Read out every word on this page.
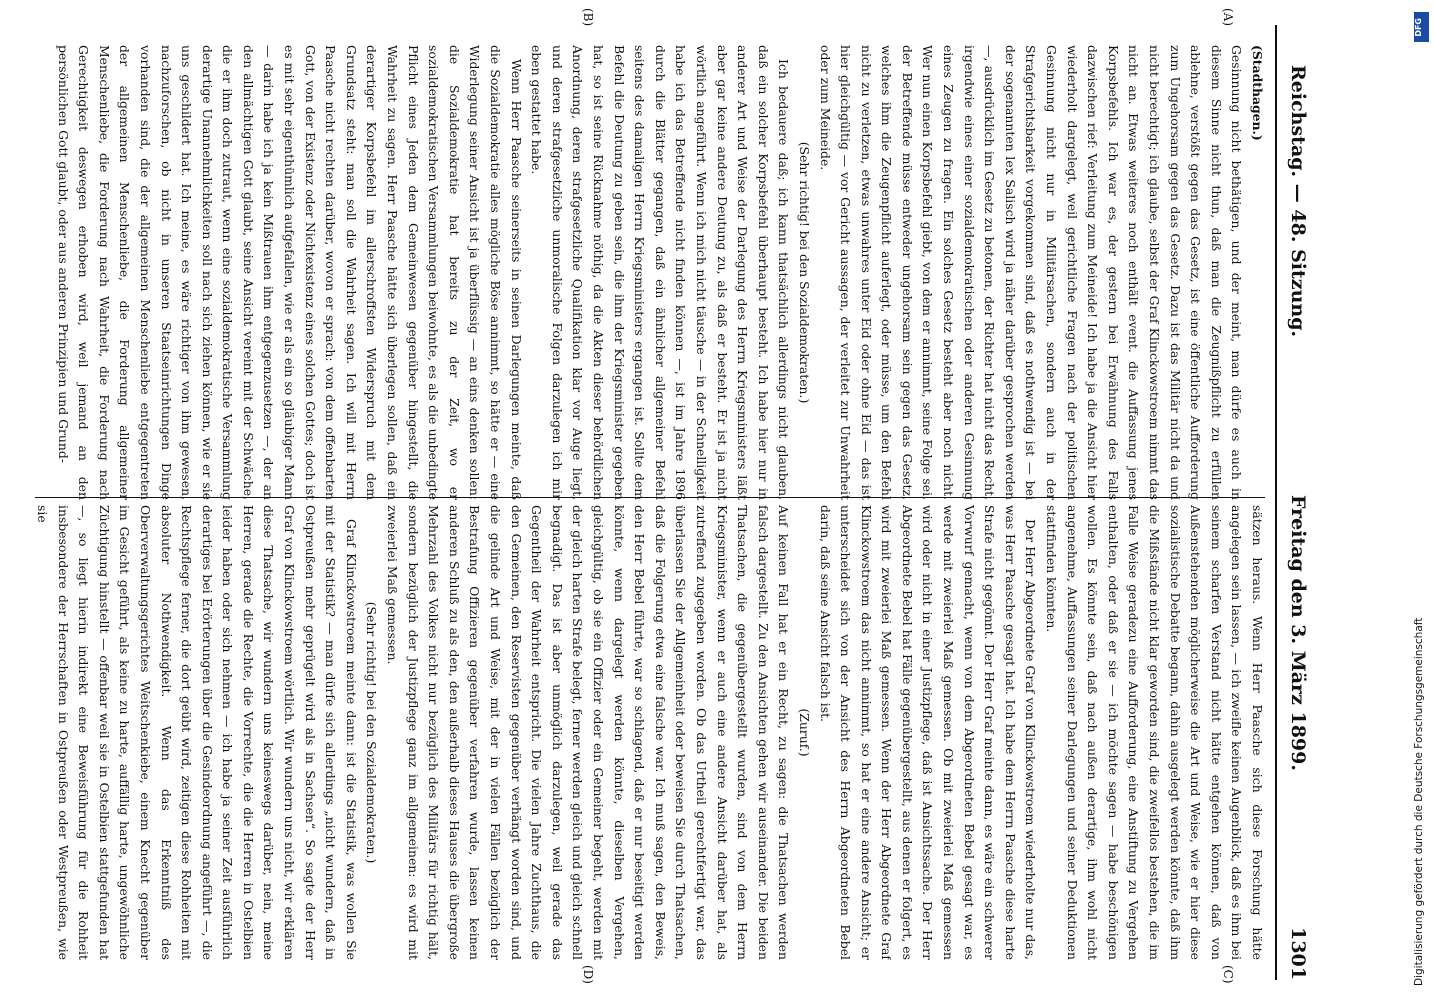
Reichstag. — 48. Sitzung.
Freitag den 3. März 1899.
1301
(A)
(B)
(C)
(D)

(Stadthagen.)

Gesinnung nicht bethätigen, und der meint, man dürfe es auch in diesem Sinne nicht thun, daß man die Zeugnißpflicht zu erfüllen ablehne, verstößt gegen das Gesetz, ist eine öffentliche Aufforderung zum Ungehorsam gegen das Gesetz. Dazu ist das Militär nicht da und nicht berechtigt; ich glaube, selbst der Graf Klinckowstroem nimmt das nicht an. Etwas weiteres noch enthält event. die Auffassung jenes Korpsbefehls. Ich war es, der gestern bei Erwähnung des Falls dazwischen rief: Verleitung zum Meineide! Ich habe ja die Ansicht hier wiederholt dargelegt, weil gerichtliche Fragen nach der politischen Gesinnung nicht nur in Militärsachen, sondern auch in der Strafgerichtsbarkeit vorgekommen sind, daß es nothwendig ist — bei der sogenannten lex Salisch wird ja näher darüber gesprochen werden —, ausdrücklich im Gesetz zu betonen, der Richter hat nicht das Recht, irgendwie eines einer sozialdemokratischen oder anderen Gesinnung eines Zeugen zu fragen. Ein solches Gesetz besteht aber noch nicht. Wer nun einen Korpsbefehl giebt, von dem er annimmt, seine Folge sei, der Betreffende müsse entweder ungehorsam sein gegen das Gesetz, welches ihm die Zeugenpflicht auferlegt, oder müsse, um den Befehl nicht zu verletzen, etwas unwahres unter Eid oder ohne Eid — das ist hier gleichgültig — vor Gericht aussagen, der verleitet zur Unwahrheit oder zum Meineide.

(Sehr richtig! bei den Sozialdemokraten.)

Ich bedauere daß; ich kann thatsächlich allerdings nicht glauben, daß ein solcher Korpsbefehl überhaupt besteht. Ich habe hier nur in anderer Art und Weise der Darlegung des Herrn Kriegsministers läßt aber gar keine andere Deutung zu, als daß er besteht. Er ist ja nicht wörtlich angeführt. Wenn ich mich nicht täusche — in der Schnelligkeit habe ich das Betreffende nicht finden können —, ist im Jahre 1896 durch die Blätter gegangen, daß ein ähnlicher allgemeiner Befehl seitens des damaligen Herrn Kriegsministers ergangen ist. Sollte dem Befehl die Deutung zu geben sein, die ihm der Kriegsminister gegeben hat, so ist seine Rücknahme nöthig, da die Akten dieser behördlichen Anordnung, deren strafgesetzliche Qualifikation klar vor Auge liegt, und deren strafgesetzliche unmoralische Folgen darzulegen ich mir eben gestattet habe.

Wenn Herr Paasche seinerseits in seinen Darlegungen meinte, daß die Sozialdemokratie alles mögliche Böse annimmt, so hätte er — eine Widerlegung seiner Ansicht ist ja überflüssig — an eins denken sollen: die Sozialdemokratie hat bereits zu der Zeit, wo er sozialdemokratischen Versammlungen beiwohnte, es als die unbedingte Pflicht eines Jeden dem Gemeinwesen gegenüber hingestellt, die Wahrheit zu sagen. Herr Paasche hätte sich überlegen sollen, daß ein derartiger Korpsbefehl im allerschroffsten Widerspruch mit dem Grundsatz steht: man soll die Wahrheit sagen. Ich will mit Herrn Paasche nicht rechten darüber, wovon er sprach: von dem offenbarten Gott, von der Existenz oder Nichtexistenz eines solchen Gottes; doch ist es mit sehr eigenthümlich aufgefallen, wie er als ein so gläubiger Mann — darin habe ich ja kein Mißtrauen ihm entgegenzusetzen —, der an den allmächtigen Gott glaubt, seine Ansicht vereint mit der Schwäche, die er ihm doch zutraut, wenn eine sozialdemokratische Versammlung derartige Unannehmlichkeiten soll nach sich ziehen können, wie er sie uns geschildert hat. Ich meine, es wäre richtiger von ihm gewesen, nachzuforschen, ob nicht in unseren Staatseinrichtungen Dinge vorhanden sind, die der allgemeinen Menschenliebe entgegentreten der allgemeinen Menschenliebe, die Forderung allgemeiner Menschenliebe, die Forderung nach Wahrheit, die Forderung nach Gerechtigkeit deswegen erhoben wird, weil jemand an den persönlichen Gott glaubt, oder aus anderen Prinzipien und Grund-

sätzen heraus. Wenn Herr Paasche sich diese Forschung hätte angelegen sein lassen, — ich zweifle keinen Augenblick, daß es ihm bei seinem scharfen Verstand nicht hätte entgehen können, daß von Außenstehenden möglicherweise die Art und Weise, wie er hier diese sozialistische Debatte begann, dahin ausgelegt werden könnte, daß ihm die Mißstände nicht klar geworden sind, die zweifellos bestehen, die im Falle Weise geradezu eine Aufforderung, eine Anstiftung zu Vergehen enthalten, oder daß er sie — ich möchte sagen — habe beschönigen wollen. Es könnte sein, daß nach außen derartige, ihm wohl nicht angenehme, Auffassungen seiner Darlegungen und seiner Deduktionen stattfinden könnten.

Der Herr Abgeordnete Graf von Klinckowstroem wiederholte nur das, was Herr Paasche gesagt hat. Ich habe dem Herrn Paasche diese harte Strafe nicht gegönnt. Der Herr Graf meinte dann, es wäre ein schwerer Vorwurf gemacht, wenn von dem Abgeordneten Bebel gesagt war, es werde mit zweierlei Maß gemessen. Ob mit zweierlei Maß gemessen wird oder nicht in einer Justizpflege, daß ist Ansichtssache. Der Herr Abgeordnete Bebel hat Fälle gegenübergestellt, aus denen er folgert, es wird mit zweierlei Maß gemessen. Wenn der Herr Abgeordnete Graf Klinckowstroem das nicht annimmt, so hat er eine andere Ansicht; er unterscheidet sich von der Ansicht des Herrn Abgeordneten Bebel darin, daß seine Ansicht falsch ist.

(Zuruf.)

Auf keinen Fall hat er ein Recht, zu sagen: die Thatsachen werden falsch dargestellt. Zu den Ansichten gehen wir auseinander. Die beiden Thatsachen, die gegenübergestellt wurden, sind von dem Herrn Kriegsminister, wenn er auch eine andere Ansicht darüber hat, als zutreffend zugegeben worden. Ob das Urtheil gerechtfertigt war, das überlassen Sie der Allgemeinheit oder beweisen Sie durch Thatsachen, daß die Folgerung etwa eine falsche war. Ich muß sagen, den Beweis, den Herr Bebel führte, war so schlagend, daß er nur beseitigt werden könnte, wenn dargelegt werden könnte, dieselben Vergehen, gleichgültig, ob sie ein Offizier oder ein Gemeiner begeht, werden mit der gleich harten Strafe belegt, ferner werden gleich und gleich schnell begnadigt. Das ist aber unmöglich darzulegen, weil gerade das Gegentheil der Wahrheit entspricht. Die vielen Jahre Zuchthaus, die den Gemeinen, den Reservisten gegenüber verhängt worden sind, und die gelinde Art und Weise, mit der in vielen Fällen bezüglich der Bestrafung Offizieren gegenüber verfahren wurde, lassen keinen anderen Schluß zu als den, den außerhalb dieses Hauses die übergroße Mehrzahl des Volkes nicht nur bezüglich des Militärs für richtig hält, sondern bezüglich der Justizpflege ganz im allgemeinen: es wird mit zweierlei Maß gemessen.

(Sehr richtig! bei den Sozialdemokraten.)

Graf Klinckowstroem meinte dann: ist die Statistik, was wollen Sie mit der Statistik? — man dürfe sich allerdings „nicht wundern, daß in Ostpreußen mehr geprügelt wird als in Sachsen“. So sagte der Herr Graf von Klinckowstroem wörtlich. Wir wundern uns nicht, wir erklären diese Thatsache, wir wundern uns keineswegs darüber, nein, meine Herren, gerade die Rechte, die Vorrechte, die die Herren in Ostelbien leider haben oder sich nehmen — ich habe ja seiner Zeit ausführlich derartiges bei Erörterungen über die Gesindeordnung angeführt —, die Rechtspflege ferner, die dort geübt wird, zeitigen diese Rohheiten mit absoluter Nothwendigkeit. Wenn das Erkenntniß des Oberverwaltungsgerichtes Weitschenkiebe, einem Knecht gegenüber im Gesicht geführt, als keine zu harte, auffällig harte, ungewöhnliche Züchtigung hinstellt — offenbar weil sie in Ostelbien stattgefunden hat —, so liegt hierin indirekt eine Beweisführung für die Rohheit insbesondere der Herrschaften in Ostpreußen oder Westpreußen, wie sie

DFG
Digitalisierung gefördert durch die Deutsche Forschungsgemeinschaft
